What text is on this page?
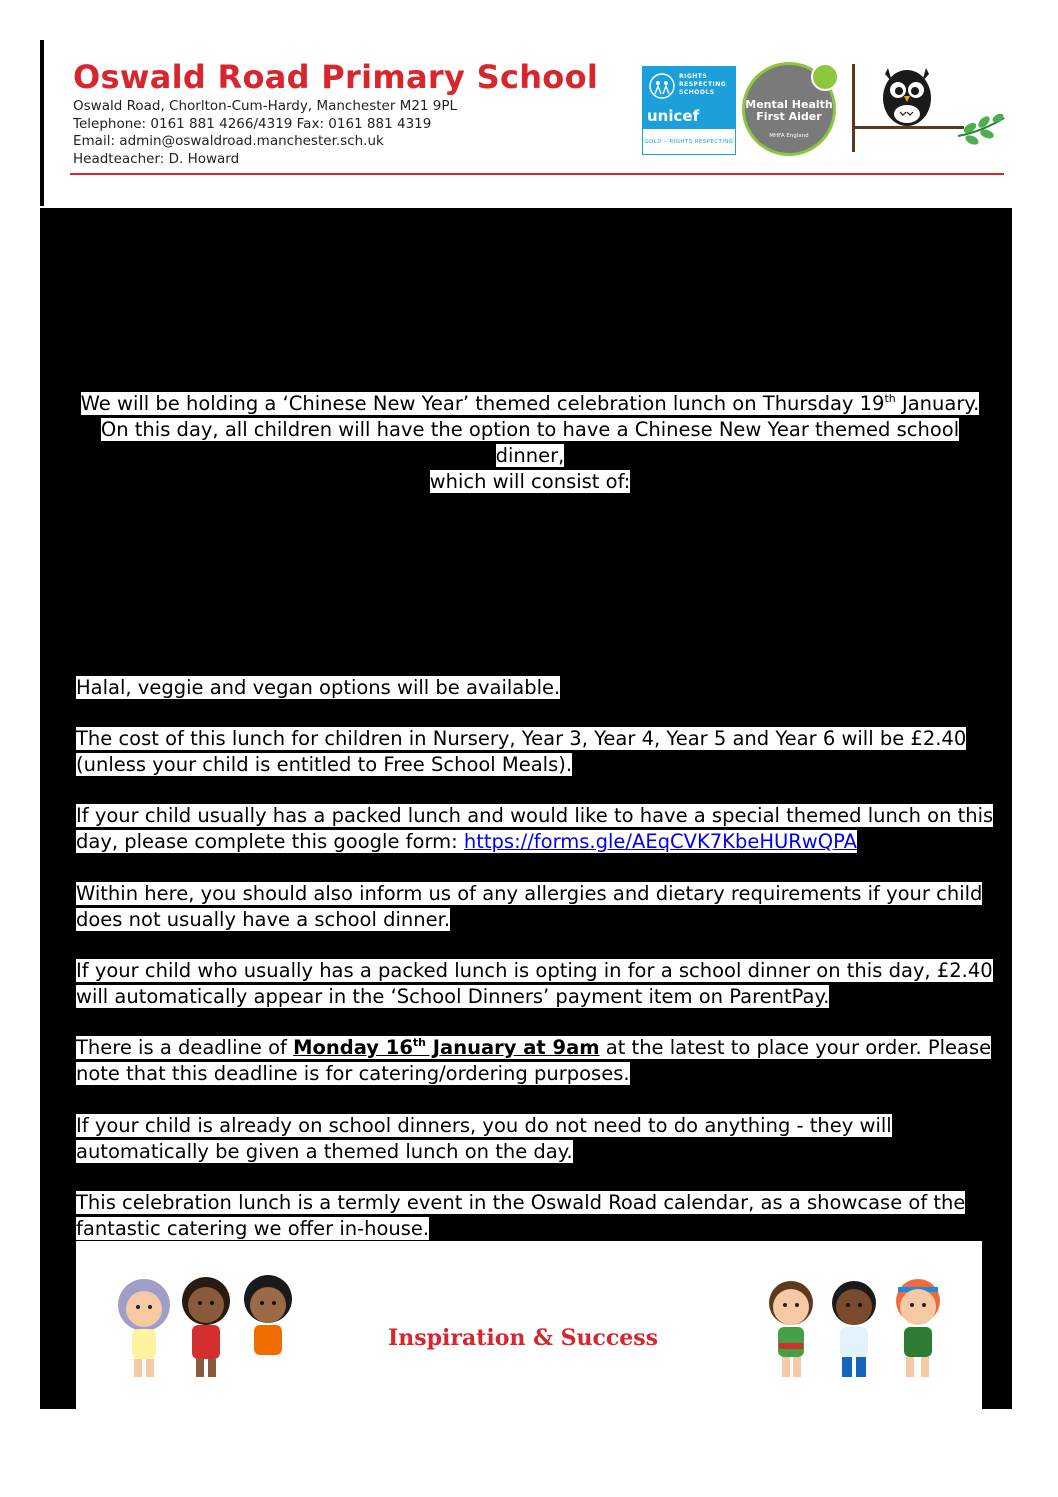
Oswald Road Primary School
Oswald Road, Chorlton-Cum-Hardy, Manchester M21 9PL
Telephone: 0161 881 4266/4319 Fax: 0161 881 4319
Email: admin@oswaldroad.manchester.sch.uk
Headteacher: D. Howard
RIGHTS
RESPECTING
SCHOOLS
unicef
GOLD – RIGHTS RESPECTING
Mental Health
First Aider
MHFA England
We will be holding a ‘Chinese New Year’ themed celebration lunch on Thursday 19th January.
On this day, all children will have the option to have a Chinese New Year themed school dinner,
which will consist of:
Halal, veggie and vegan options will be available.
The cost of this lunch for children in Nursery, Year 3, Year 4, Year 5 and Year 6 will be £2.40
(unless your child is entitled to Free School Meals).
If your child usually has a packed lunch and would like to have a special themed lunch on this
day, please complete this google form: https://forms.gle/AEqCVK7KbeHURwQPA
Within here, you should also inform us of any allergies and dietary requirements if your child
does not usually have a school dinner.
If your child who usually has a packed lunch is opting in for a school dinner on this day, £2.40
will automatically appear in the ‘School Dinners’ payment item on ParentPay.
There is a deadline of Monday 16th January at 9am at the latest to place your order. Please
note that this deadline is for catering/ordering purposes.
If your child is already on school dinners, you do not need to do anything - they will
automatically be given a themed lunch on the day.
This celebration lunch is a termly event in the Oswald Road calendar, as a showcase of the
fantastic catering we offer in-house.

Inspiration & Success
